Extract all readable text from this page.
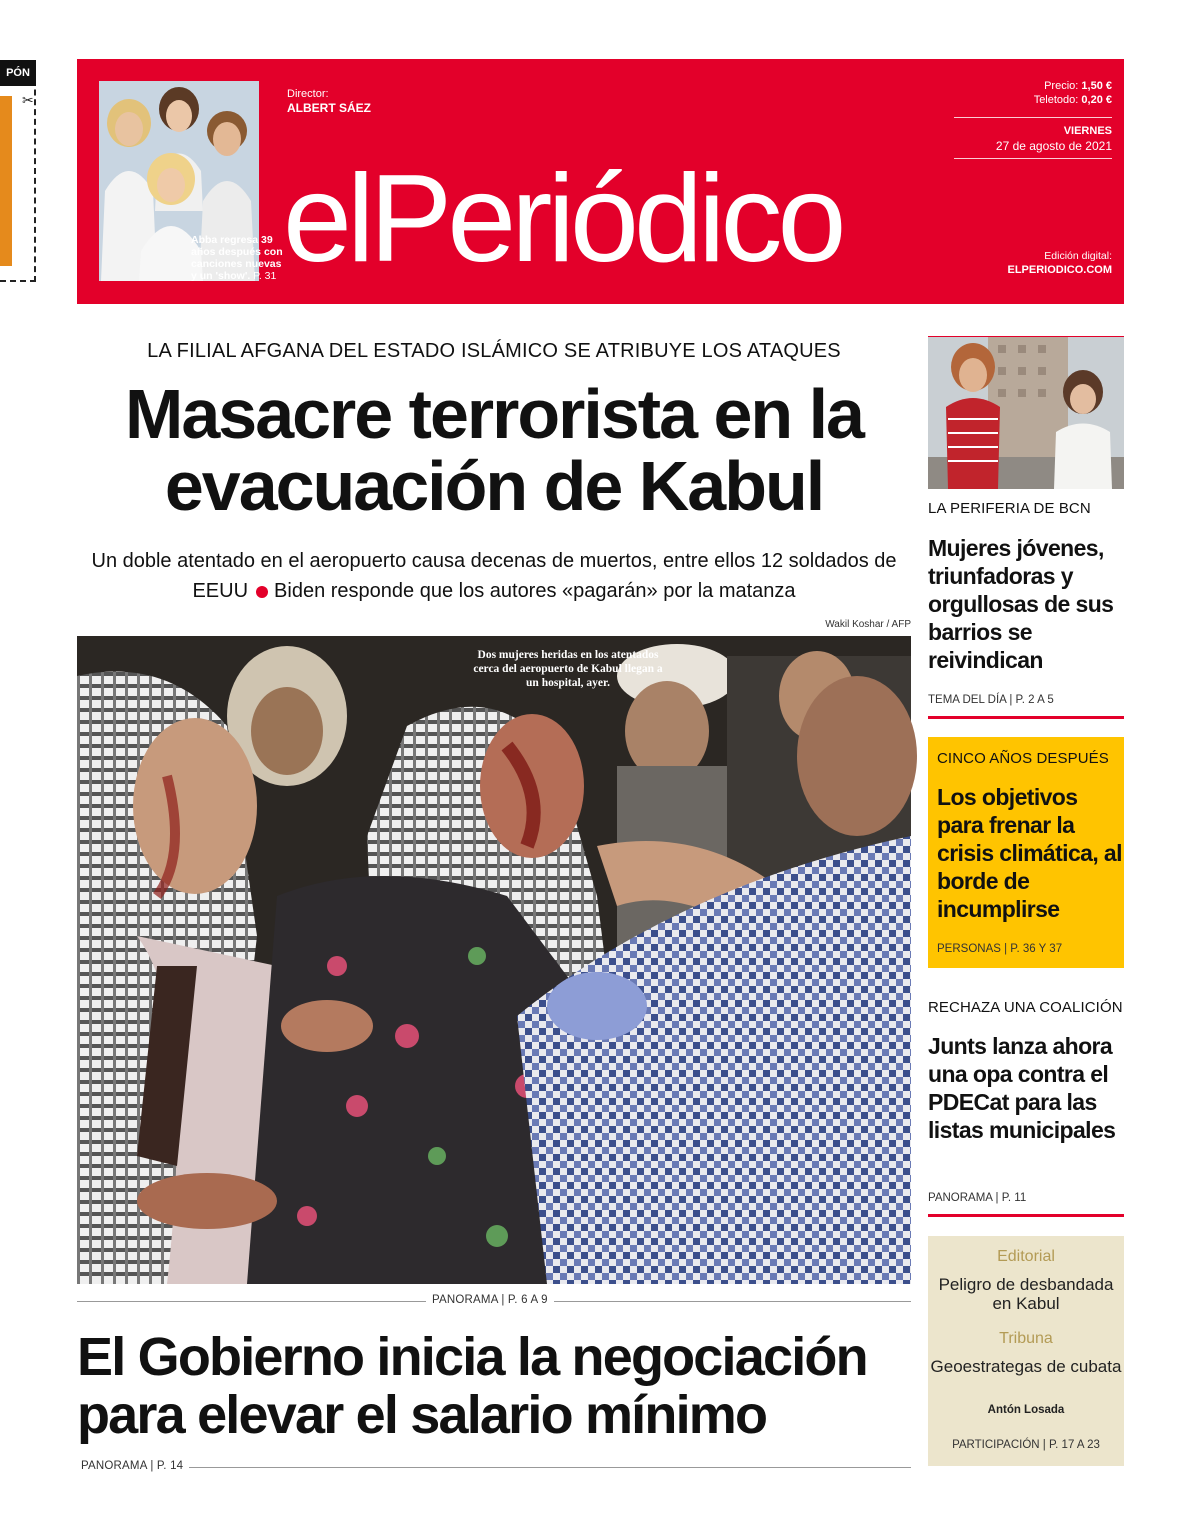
PÓN
✂
Abba regresa 39 años después con canciones nuevas y un 'show'. P. 31
Director:
ALBERT SÁEZ
elPeriódico
Precio: 1,50 €
Teletodo: 0,20 €
VIERNES
27 de agosto de 2021
Edición digital:
ELPERIODICO.COM
LA FILIAL AFGANA DEL ESTADO ISLÁMICO SE ATRIBUYE LOS ATAQUES
Masacre terrorista en la evacuación de Kabul
Un doble atentado en el aeropuerto causa decenas de muertos, entre ellos 12 soldados de EEUU Biden responde que los autores «pagarán» por la matanza
Wakil Koshar / AFP
Dos mujeres heridas en los atentados cerca del aeropuerto de Kabul llegan a un hospital, ayer.
PANORAMA | P. 6 A 9
El Gobierno inicia la negociación para elevar el salario mínimo
PANORAMA | P. 14
LA PERIFERIA DE BCN
Mujeres jóvenes, triunfadoras y orgullosas de sus barrios se reivindican
TEMA DEL DÍA | P. 2 A 5
CINCO AÑOS DESPUÉS
Los objetivos para frenar la crisis climática, al borde de incumplirse
PERSONAS | P. 36 Y 37
RECHAZA UNA COALICIÓN
Junts lanza ahora una opa contra el PDECat para las listas municipales
PANORAMA | P. 11
Editorial
Peligro de desbandada en Kabul
Tribuna
Geoestrategas de cubata
Antón Losada
PARTICIPACIÓN | P. 17 A 23
